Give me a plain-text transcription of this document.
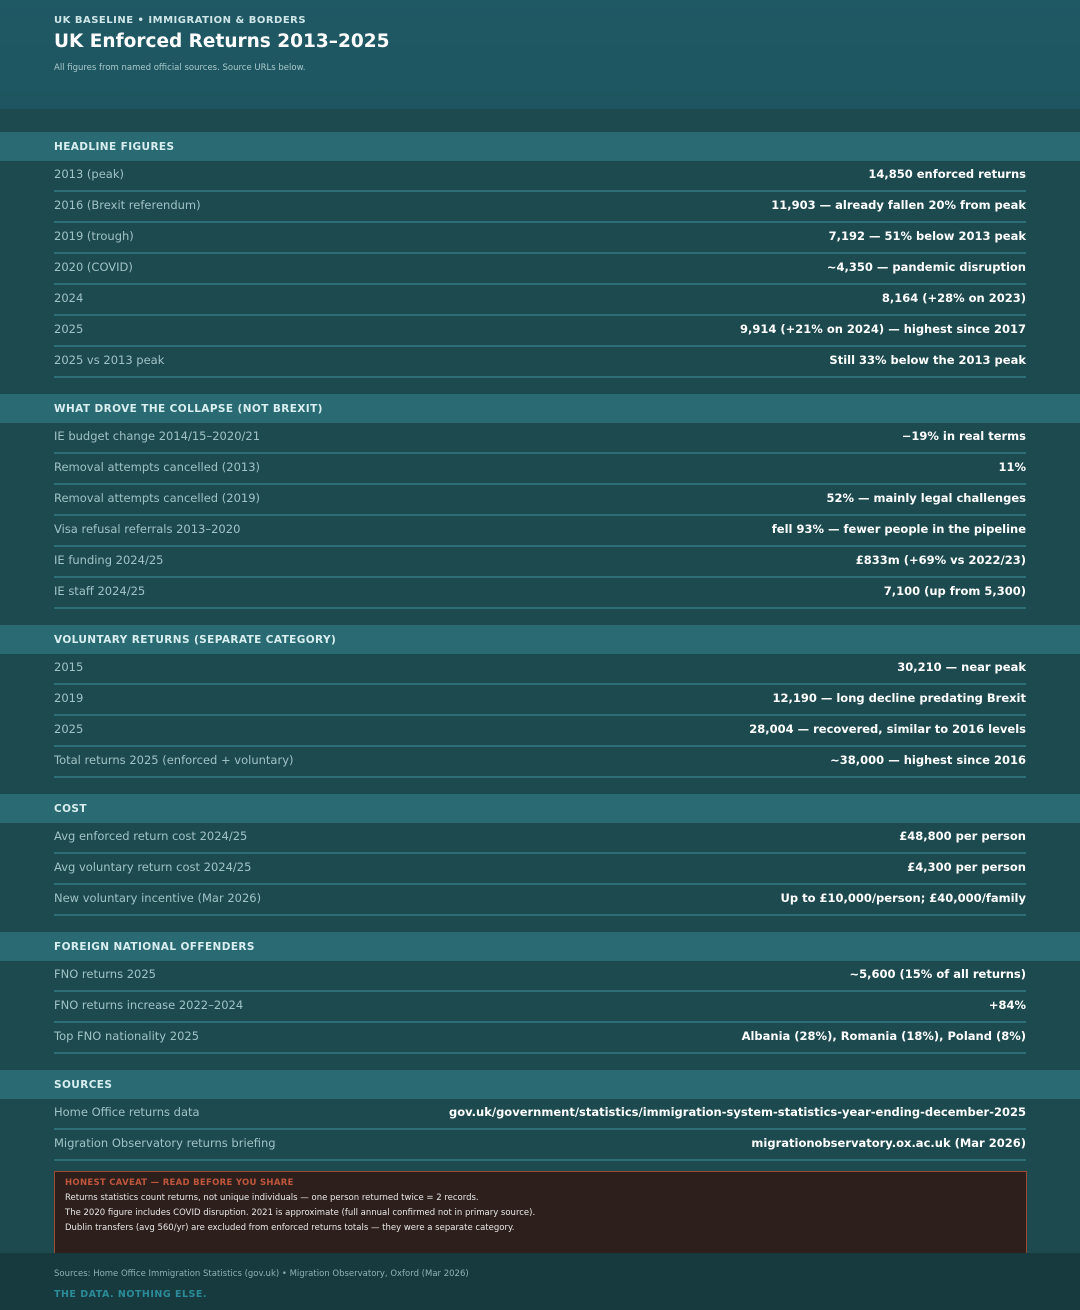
UK BASELINE • IMMIGRATION & BORDERS
UK Enforced Returns 2013–2025
All figures from named official sources. Source URLs below.
HEADLINE FIGURES
2013 (peak)	14,850 enforced returns
2016 (Brexit referendum)	11,903 — already fallen 20% from peak
2019 (trough)	7,192 — 51% below 2013 peak
2020 (COVID)	~4,350 — pandemic disruption
2024	8,164 (+28% on 2023)
2025	9,914 (+21% on 2024) — highest since 2017
2025 vs 2013 peak	Still 33% below the 2013 peak
WHAT DROVE THE COLLAPSE (NOT BREXIT)
IE budget change 2014/15–2020/21	−19% in real terms
Removal attempts cancelled (2013)	11%
Removal attempts cancelled (2019)	52% — mainly legal challenges
Visa refusal referrals 2013–2020	fell 93% — fewer people in the pipeline
IE funding 2024/25	£833m (+69% vs 2022/23)
IE staff 2024/25	7,100 (up from 5,300)
VOLUNTARY RETURNS (SEPARATE CATEGORY)
2015	30,210 — near peak
2019	12,190 — long decline predating Brexit
2025	28,004 — recovered, similar to 2016 levels
Total returns 2025 (enforced + voluntary)	~38,000 — highest since 2016
COST
Avg enforced return cost 2024/25	£48,800 per person
Avg voluntary return cost 2024/25	£4,300 per person
New voluntary incentive (Mar 2026)	Up to £10,000/person; £40,000/family
FOREIGN NATIONAL OFFENDERS
FNO returns 2025	~5,600 (15% of all returns)
FNO returns increase 2022–2024	+84%
Top FNO nationality 2025	Albania (28%), Romania (18%), Poland (8%)
SOURCES
Home Office returns data	gov.uk/government/statistics/immigration-system-statistics-year-ending-december-2025
Migration Observatory returns briefing	migrationobservatory.ox.ac.uk (Mar 2026)
HONEST CAVEAT — READ BEFORE YOU SHARE
Returns statistics count returns, not unique individuals — one person returned twice = 2 records.
The 2020 figure includes COVID disruption. 2021 is approximate (full annual confirmed not in primary source).
Dublin transfers (avg 560/yr) are excluded from enforced returns totals — they were a separate category.
Sources: Home Office Immigration Statistics (gov.uk) • Migration Observatory, Oxford (Mar 2026)
THE DATA. NOTHING ELSE.
